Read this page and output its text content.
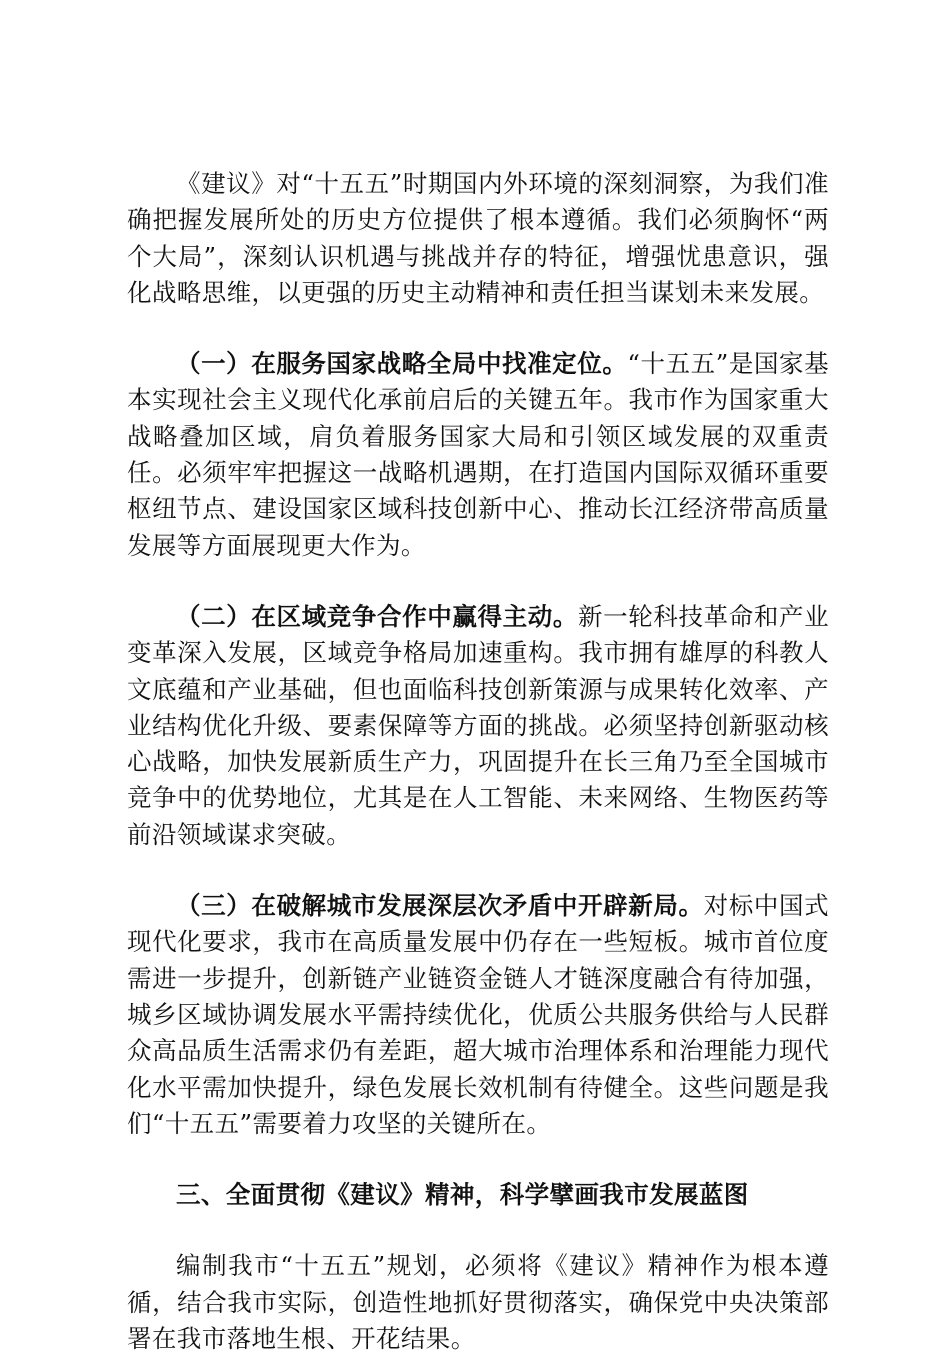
《建议》对“十五五”时期国内外环境的深刻洞察，为我们准确把握发展所处的历史方位提供了根本遵循。我们必须胸怀“两个大局”，深刻认识机遇与挑战并存的特征，增强忧患意识，强化战略思维，以更强的历史主动精神和责任担当谋划未来发展。

（一）在服务国家战略全局中找准定位。“十五五”是国家基本实现社会主义现代化承前启后的关键五年。我市作为国家重大战略叠加区域，肩负着服务国家大局和引领区域发展的双重责任。必须牢牢把握这一战略机遇期，在打造国内国际双循环重要枢纽节点、建设国家区域科技创新中心、推动长江经济带高质量发展等方面展现更大作为。

（二）在区域竞争合作中赢得主动。新一轮科技革命和产业变革深入发展，区域竞争格局加速重构。我市拥有雄厚的科教人文底蕴和产业基础，但也面临科技创新策源与成果转化效率、产业结构优化升级、要素保障等方面的挑战。必须坚持创新驱动核心战略，加快发展新质生产力，巩固提升在长三角乃至全国城市竞争中的优势地位，尤其是在人工智能、未来网络、生物医药等前沿领域谋求突破。

（三）在破解城市发展深层次矛盾中开辟新局。对标中国式现代化要求，我市在高质量发展中仍存在一些短板。城市首位度需进一步提升，创新链产业链资金链人才链深度融合有待加强，城乡区域协调发展水平需持续优化，优质公共服务供给与人民群众高品质生活需求仍有差距，超大城市治理体系和治理能力现代化水平需加快提升，绿色发展长效机制有待健全。这些问题是我们“十五五”需要着力攻坚的关键所在。

三、全面贯彻《建议》精神，科学擘画我市发展蓝图

编制我市“十五五”规划，必须将《建议》精神作为根本遵循，结合我市实际，创造性地抓好贯彻落实，确保党中央决策部署在我市落地生根、开花结果。
